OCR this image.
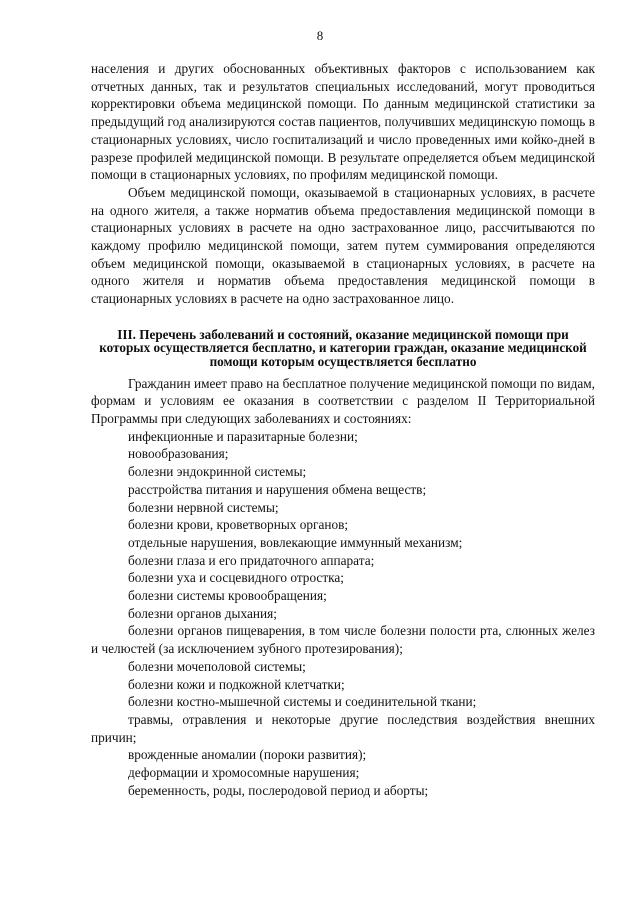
8

населения и других обоснованных объективных факторов с использованием как отчетных данных, так и результатов специальных исследований, могут проводиться корректировки объема медицинской помощи. По данным медицинской статистики за предыдущий год анализируются состав пациентов, получивших медицинскую помощь в стационарных условиях, число госпитализаций и число проведенных ими койко-дней в разрезе профилей медицинской помощи. В результате определяется объем медицинской помощи в стационарных условиях, по профилям медицинской помощи.

Объем медицинской помощи, оказываемой в стационарных условиях, в расчете на одного жителя, а также норматив объема предоставления медицинской помощи в стационарных условиях в расчете на одно застрахованное лицо, рассчитываются по каждому профилю медицинской помощи, затем путем суммирования определяются объем медицинской помощи, оказываемой в стационарных условиях, в расчете на одного жителя и норматив объема предоставления медицинской помощи в стационарных условиях в расчете на одно застрахованное лицо.

III. Перечень заболеваний и состояний, оказание медицинской помощи при которых осуществляется бесплатно, и категории граждан, оказание медицинской помощи которым осуществляется бесплатно

Гражданин имеет право на бесплатное получение медицинской помощи по видам, формам и условиям ее оказания в соответствии с разделом II Территориальной Программы при следующих заболеваниях и состояниях:

инфекционные и паразитарные болезни;
новообразования;
болезни эндокринной системы;
расстройства питания и нарушения обмена веществ;
болезни нервной системы;
болезни крови, кроветворных органов;
отдельные нарушения, вовлекающие иммунный механизм;
болезни глаза и его придаточного аппарата;
болезни уха и сосцевидного отростка;
болезни системы кровообращения;
болезни органов дыхания;
болезни органов пищеварения, в том числе болезни полости рта, слюнных желез и челюстей (за исключением зубного протезирования);
болезни мочеполовой системы;
болезни кожи и подкожной клетчатки;
болезни костно-мышечной системы и соединительной ткани;
травмы, отравления и некоторые другие последствия воздействия внешних причин;
врожденные аномалии (пороки развития);
деформации и хромосомные нарушения;
беременность, роды, послеродовой период и аборты;
